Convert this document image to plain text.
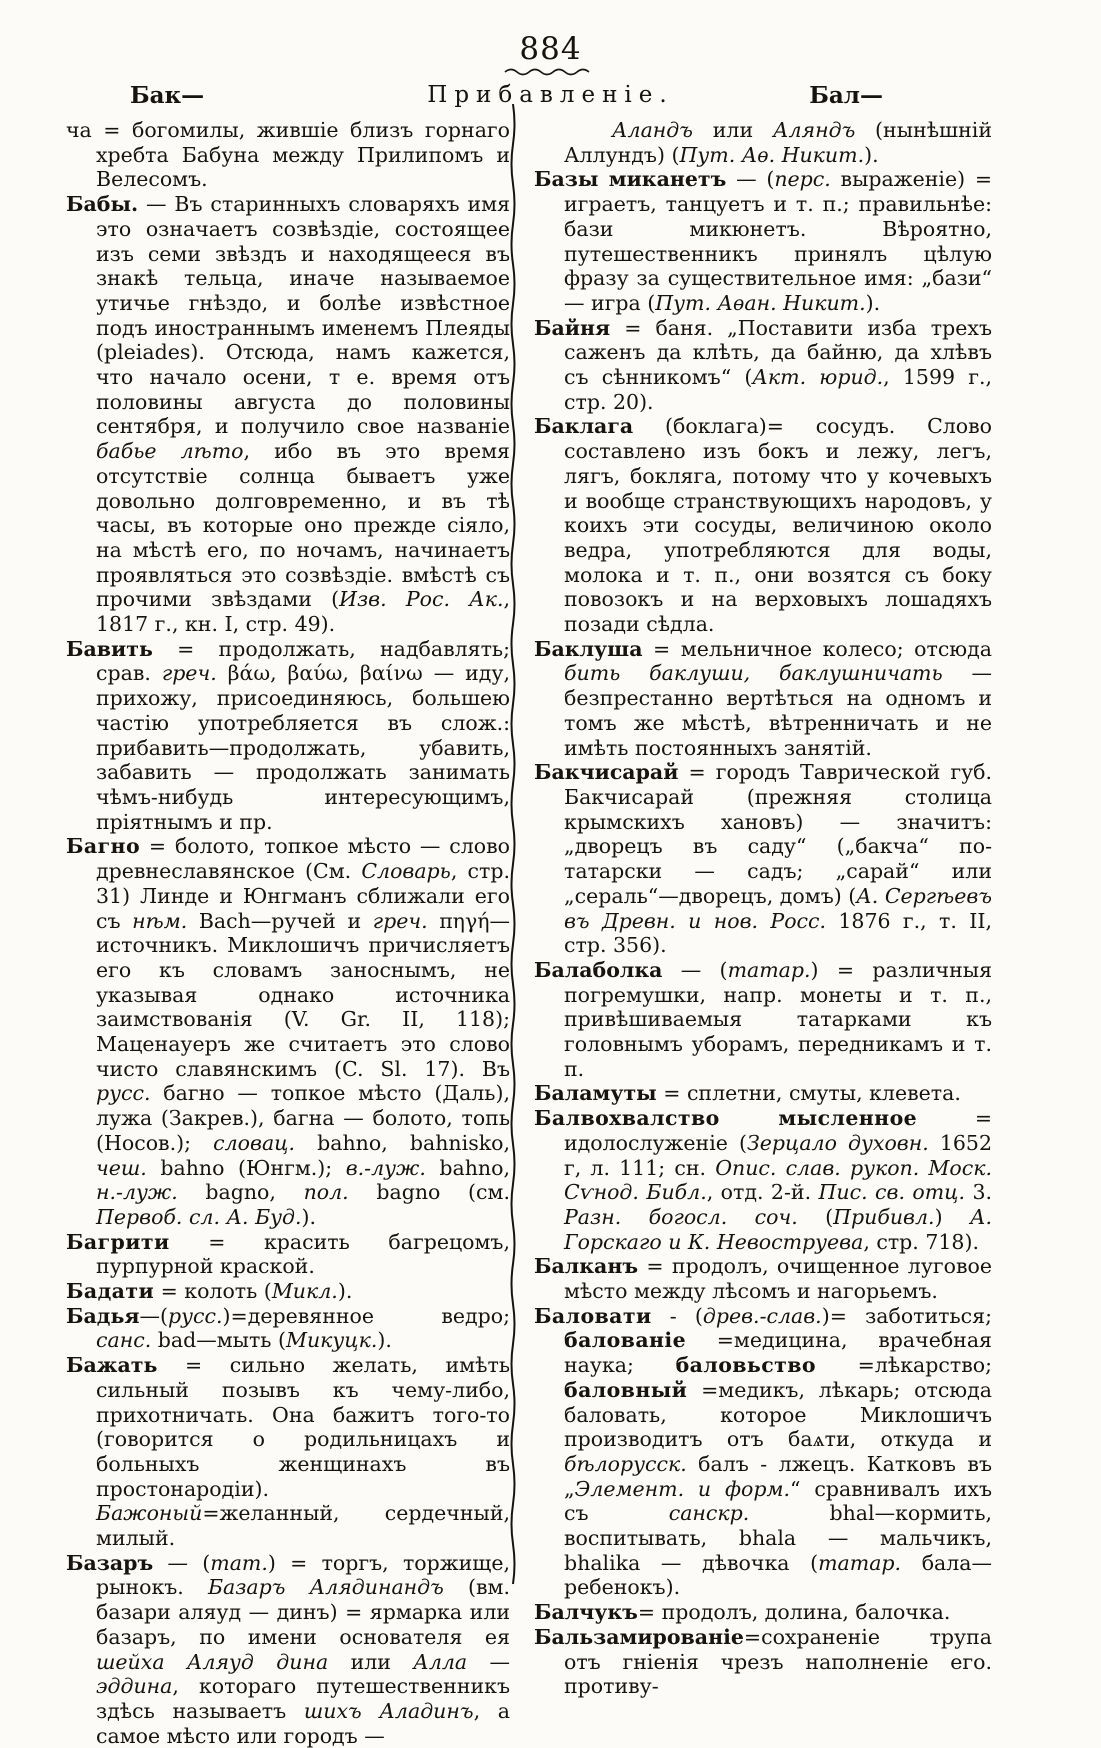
884
Бак—	Прибавленіе.	Бал—

ча = богомилы, жившіе близъ горнаго хребта Бабуна между Прилипомъ и Велесомъ.

Бабы. — Въ старинныхъ словаряхъ имя это означаетъ созвѣздіе, состоящее изъ семи звѣздъ и находящееся въ знакѣ тельца, иначе называемое утичье гнѣздо, и болѣе извѣстное подъ иностраннымъ именемъ Плеяды (pleiades). Отсюда, намъ кажется, что начало осени, т е. время отъ половины августа до половины сентября, и получило свое названіе бабье лѣто, ибо въ это время отсутствіе солнца бываетъ уже довольно долговременно, и въ тѣ часы, въ которые оно прежде сіяло, на мѣстѣ его, по ночамъ, начинаетъ проявляться это созвѣздіе. вмѣстѣ съ прочими звѣздами (Изв. Рос. Ак., 1817 г., кн. I, стр. 49).

Бавить = продолжать, надбавлять; срав. греч. βάω, βαύω, βαίνω — иду, прихожу, присоединяюсь, большею частію употребляется въ слож.: прибавить—продолжать, убавить, забавить — продолжать занимать чѣмъ-нибудь интересующимъ, пріятнымъ и пр.

Багно = болото, топкое мѣсто — слово древнеславянское (См. Словарь, стр. 31) Линде и Юнгманъ сближали его съ нѣм. Bach—ручей и греч. πηγή—источникъ. Миклошичъ причисляетъ его къ словамъ заноснымъ, не указывая однако источника заимствованія (V. Gr. II, 118); Маценауеръ же считаетъ это слово чисто славянскимъ (C. Sl. 17). Въ русс. багно — топкое мѣсто (Даль), лужа (Закрев.), багна — болото, топь (Носов.); словац. bahno, bahnisko, чеш. bahno (Юнгм.); в.-луж. bahno, н.-луж. bagno, пол. bagno (см. Первоб. сл. А. Буд.).

Багрити = красить багрецомъ, пурпурной краской.

Бадати = колоть (Микл.).

Бадья—(русс.)=деревянное ведро; санс. bad—мыть (Микуцк.).

Бажать = сильно желать, имѣть сильный позывъ къ чему-либо, прихотничать. Она бажитъ того-то (говорится о родильницахъ и больныхъ женщинахъ въ простонародіи). Бажоный=желанный, сердечный, милый.

Базаръ — (тат.) = торгъ, торжище, рынокъ. Базаръ Алядинандъ (вм. базари аляуд — динъ) = ярмарка или базаръ, по имени основателя ея шейха Аляуд дина или Алла — эддина, котораго путешественникъ здѣсь называетъ шихъ Аладинъ, а самое мѣсто или городъ —

Аландъ или Аляндъ (нынѣшній Аллундъ) (Пут. Аѳ. Никит.).

Базы миканетъ — (перс. выраженіе) = играетъ, танцуетъ и т. п.; правильнѣе: бази микюнетъ. Вѣроятно, путешественникъ принялъ цѣлую фразу за существительное имя: „бази“ — игра (Пут. Аѳан. Никит.).

Байня = баня. „Поставити изба трехъ саженъ да клѣть, да байню, да хлѣвъ съ сѣнникомъ“ (Акт. юрид., 1599 г., стр. 20).

Баклага (боклага)= сосудъ. Слово составлено изъ бокъ и лежу, легъ, лягъ, бокляга, потому что у кочевыхъ и вообще странствующихъ народовъ, у коихъ эти сосуды, величиною около ведра, употребляются для воды, молока и т. п., они возятся съ боку повозокъ и на верховыхъ лошадяхъ позади сѣдла.

Баклуша = мельничное колесо; отсюда бить баклуши, баклушничать — безпрестанно вертѣться на одномъ и томъ же мѣстѣ, вѣтренничать и не имѣть постоянныхъ занятій.

Бакчисарай = городъ Таврической губ. Бакчисарай (прежняя столица крымскихъ хановъ) — значитъ: „дворецъ въ саду“ („бакча“ по-татарски — садъ; „сарай“ или „сераль“—дворецъ, домъ) (А. Сергѣевъ въ Древн. и нов. Росс. 1876 г., т. II, стр. 356).

Балаболка — (татар.) = различныя погремушки, напр. монеты и т. п., привѣшиваемыя татарками къ головнымъ уборамъ, передникамъ и т. п.

Баламуты = сплетни, смуты, клевета.

Балвохвалство мысленное = идолослуженіе (Зерцало духовн. 1652 г, л. 111; сн. Опис. слав. рукоп. Моск. Сѵнод. Библ., отд. 2-й. Пис. св. отц. 3. Разн. богосл. соч. (Прибивл.) А. Горскаго и К. Невоструева, стр. 718).

Балканъ = продолъ, очищенное луговое мѣсто между лѣсомъ и нагорьемъ.

Баловати - (древ.-слав.)= заботиться; балованіе =медицина, врачебная наука; баловьство =лѣкарство; баловный =медикъ, лѣкарь; отсюда баловать, которое Миклошичъ производитъ отъ баѧти, откуда и бѣлорусск. балъ - лжецъ. Катковъ въ „Элемент. и форм.“ сравнивалъ ихъ съ санскр. bhal—кормить, воспитывать, bhala — мальчикъ, bhalika — дѣвочка (татар. бала—ребенокъ).

Балчукъ= продолъ, долина, балочка.

Бальзамированіе=сохраненіе трупа отъ гніенія чрезъ наполненіе его. противу-
